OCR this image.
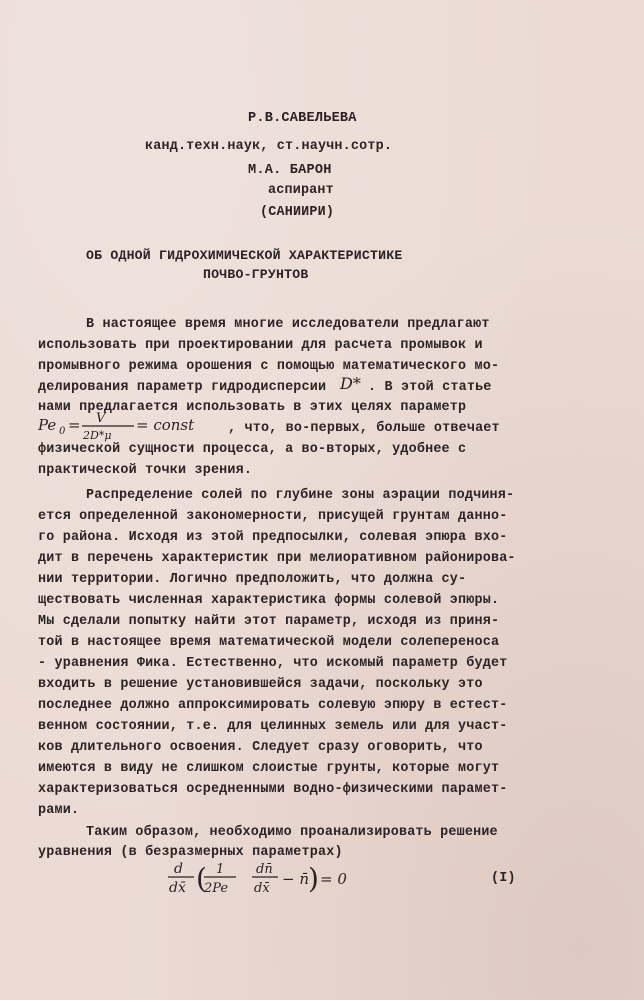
Р.В.САВЕЛЬЕВА
канд.техн.наук, ст.научн.сотр.
М.А. БАРОН
аспирант
(САНИИРИ)
ОБ ОДНОЙ ГИДРОХИМИЧЕСКОЙ ХАРАКТЕРИСТИКЕ
ПОЧВО-ГРУНТОВ
В настоящее время многие исследователи предлагают
использовать при проектировании для расчета промывок и
промывного режима орошения с помощью математического мо-
делирования параметр гидродисперсии D* . В этой статье
нами предлагается использовать в этих целях параметр
Pe 0 = V
2D*μ
= const	, что, во-первых, больше отвечает
физической сущности процесса, а во-вторых, удобнее с
практической точки зрения.
Распределение солей по глубине зоны аэрации подчиня-
ется определенной закономерности, присущей грунтам данно-
го района. Исходя из этой предпосылки, солевая эпюра вхо-
дит в перечень характеристик при мелиоративном районирова-
нии территории. Логично предположить, что должна су-
ществовать численная характеристика формы солевой эпюры.
Мы сделали попытку найти этот параметр, исходя из приня-
той в настоящее время математической модели солепереноса
- уравнения Фика. Естественно, что искомый параметр будет
входить в решение установившейся задачи, поскольку это
последнее должно аппроксимировать солевую эпюру в естест-
венном состоянии, т.е. для целинных земель или для участ-
ков длительного освоения. Следует сразу оговорить, что
имеются в виду не слишком слоистые грунты, которые могут
характеризоваться осредненными водно-физическими парамет-
рами.
Таким образом, необходимо проанализировать решение
уравнения (в безразмерных параметрах)
d
dx̄ ( 1
2Pe
dn̄
dx̄
− n̄ ) = 0	(I)
